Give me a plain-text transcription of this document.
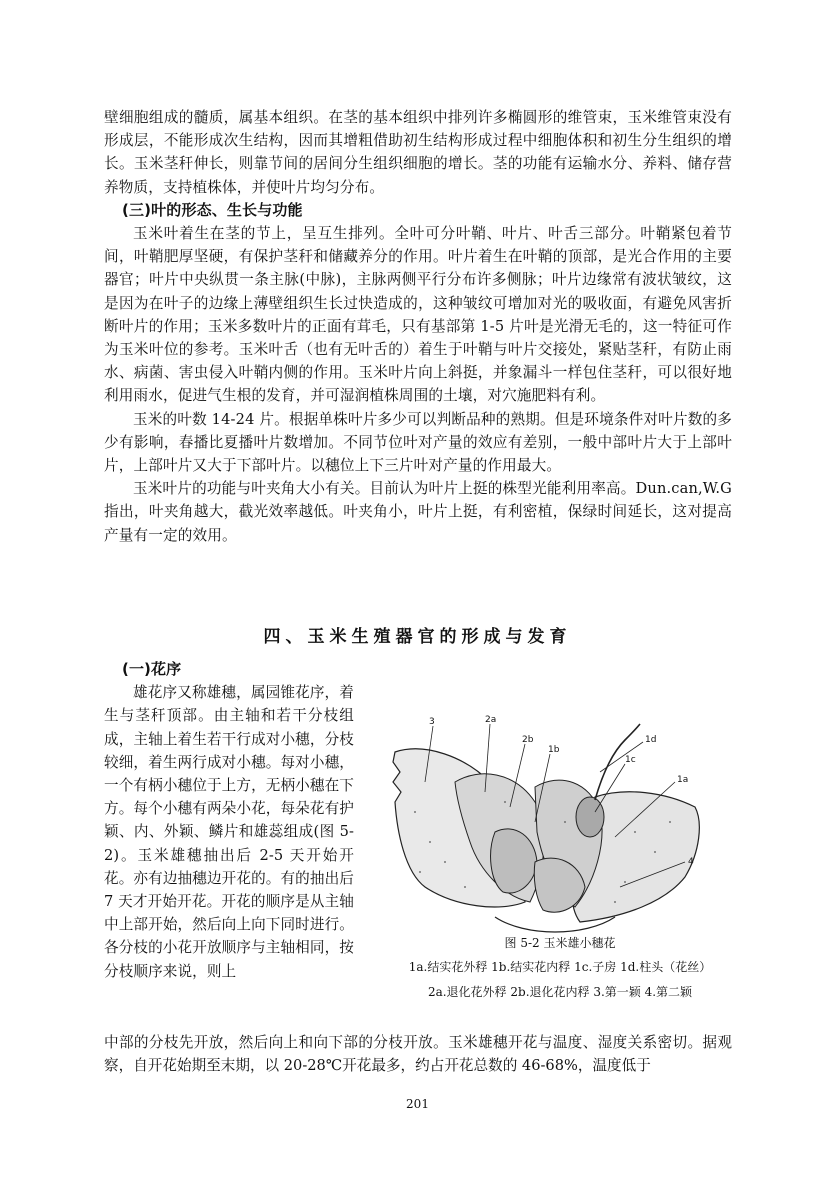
壁细胞组成的髓质，属基本组织。在茎的基本组织中排列许多椭圆形的维管束，玉米维管束没有形成层，不能形成次生结构，因而其增粗借助初生结构形成过程中细胞体积和初生分生组织的增长。玉米茎秆伸长，则靠节间的居间分生组织细胞的增长。茎的功能有运输水分、养料、储存营养物质，支持植株体，并使叶片均匀分布。

(三)叶的形态、生长与功能

玉米叶着生在茎的节上，呈互生排列。全叶可分叶鞘、叶片、叶舌三部分。叶鞘紧包着节间，叶鞘肥厚坚硬，有保护茎秆和储藏养分的作用。叶片着生在叶鞘的顶部，是光合作用的主要器官；叶片中央纵贯一条主脉(中脉)，主脉两侧平行分布许多侧脉；叶片边缘常有波状皱纹，这是因为在叶子的边缘上薄壁组织生长过快造成的，这种皱纹可增加对光的吸收面，有避免风害折断叶片的作用；玉米多数叶片的正面有茸毛，只有基部第 1-5 片叶是光滑无毛的，这一特征可作为玉米叶位的参考。玉米叶舌（也有无叶舌的）着生于叶鞘与叶片交接处，紧贴茎秆，有防止雨水、病菌、害虫侵入叶鞘内侧的作用。玉米叶片向上斜挺，并象漏斗一样包住茎秆，可以很好地利用雨水，促进气生根的发育，并可湿润植株周围的土壤，对穴施肥料有利。

玉米的叶数 14-24 片。根据单株叶片多少可以判断品种的熟期。但是环境条件对叶片数的多少有影响，春播比夏播叶片数增加。不同节位叶对产量的效应有差别，一般中部叶片大于上部叶片，上部叶片又大于下部叶片。以穗位上下三片叶对产量的作用最大。

玉米叶片的功能与叶夹角大小有关。目前认为叶片上挺的株型光能利用率高。Dun.can,W.G 指出，叶夹角越大，截光效率越低。叶夹角小，叶片上挺，有利密植，保绿时间延长，这对提高产量有一定的效用。

四、玉米生殖器官的形成与发育
(一)花序

雄花序又称雄穗，属园锥花序，着生与茎秆顶部。由主轴和若干分枝组成，主轴上着生若干行成对小穗，分枝较细，着生两行成对小穗。每对小穗，一个有柄小穗位于上方，无柄小穗在下方。每个小穗有两朵小花，每朵花有护颖、内、外颖、鳞片和雄蕊组成(图 5-2)。玉米雄穗抽出后 2-5 天开始开花。亦有边抽穗边开花的。有的抽出后 7 天才开始开花。开花的顺序是从主轴中上部开始，然后向上向下同时进行。各分枝的小花开放顺序与主轴相同，按分枝顺序来说，则上

3	2a
2b
1b
1d
1c
1a
4
图 5-2 玉米雄小穗花
1a.结实花外稃 1b.结实花内稃 1c.子房 1d.柱头（花丝）
2a.退化花外稃 2b.退化花内稃 3.第一颖 4.第二颖

中部的分枝先开放，然后向上和向下部的分枝开放。玉米雄穗开花与温度、湿度关系密切。据观察，自开花始期至末期，以 20-28℃开花最多，约占开花总数的 46-68%，温度低于

201
